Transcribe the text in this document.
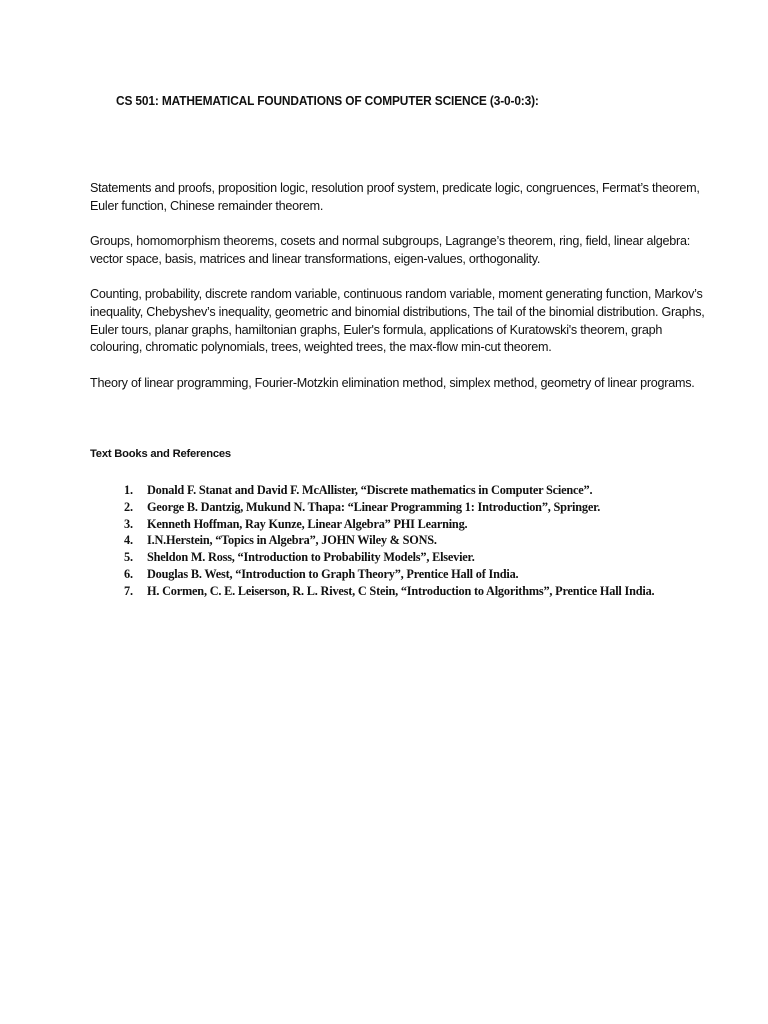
CS 501: MATHEMATICAL FOUNDATIONS OF COMPUTER SCIENCE (3-0-0:3):

Statements and proofs, proposition logic, resolution proof system, predicate logic, congruences, Fermat’s theorem, Euler function, Chinese remainder theorem.

Groups, homomorphism theorems, cosets and normal subgroups, Lagrange’s theorem, ring, field, linear algebra: vector space, basis, matrices and linear transformations, eigen-values, orthogonality.

Counting, probability, discrete random variable, continuous random variable, moment generating function, Markov’s inequality, Chebyshev’s inequality, geometric and binomial distributions, The tail of the binomial distribution. Graphs, Euler tours, planar graphs, hamiltonian graphs, Euler's formula, applications of Kuratowski's theorem, graph colouring, chromatic polynomials, trees, weighted trees, the max-flow min-cut theorem.

Theory of linear programming, Fourier-Motzkin elimination method, simplex method, geometry of linear programs.

Text Books and References
1.	Donald F. Stanat and David F. McAllister, “Discrete mathematics in Computer Science”.
2.	George B. Dantzig, Mukund N. Thapa: “Linear Programming 1: Introduction”, Springer.
3.	Kenneth Hoffman, Ray Kunze, Linear Algebra” PHI Learning.
4.	I.N.Herstein, “Topics in Algebra”, JOHN Wiley & SONS.
5.	Sheldon M. Ross, “Introduction to Probability Models”, Elsevier.
6.	Douglas B. West, “Introduction to Graph Theory”, Prentice Hall of India.
7.	H. Cormen, C. E. Leiserson, R. L. Rivest, C Stein, “Introduction to Algorithms”, Prentice Hall India.
